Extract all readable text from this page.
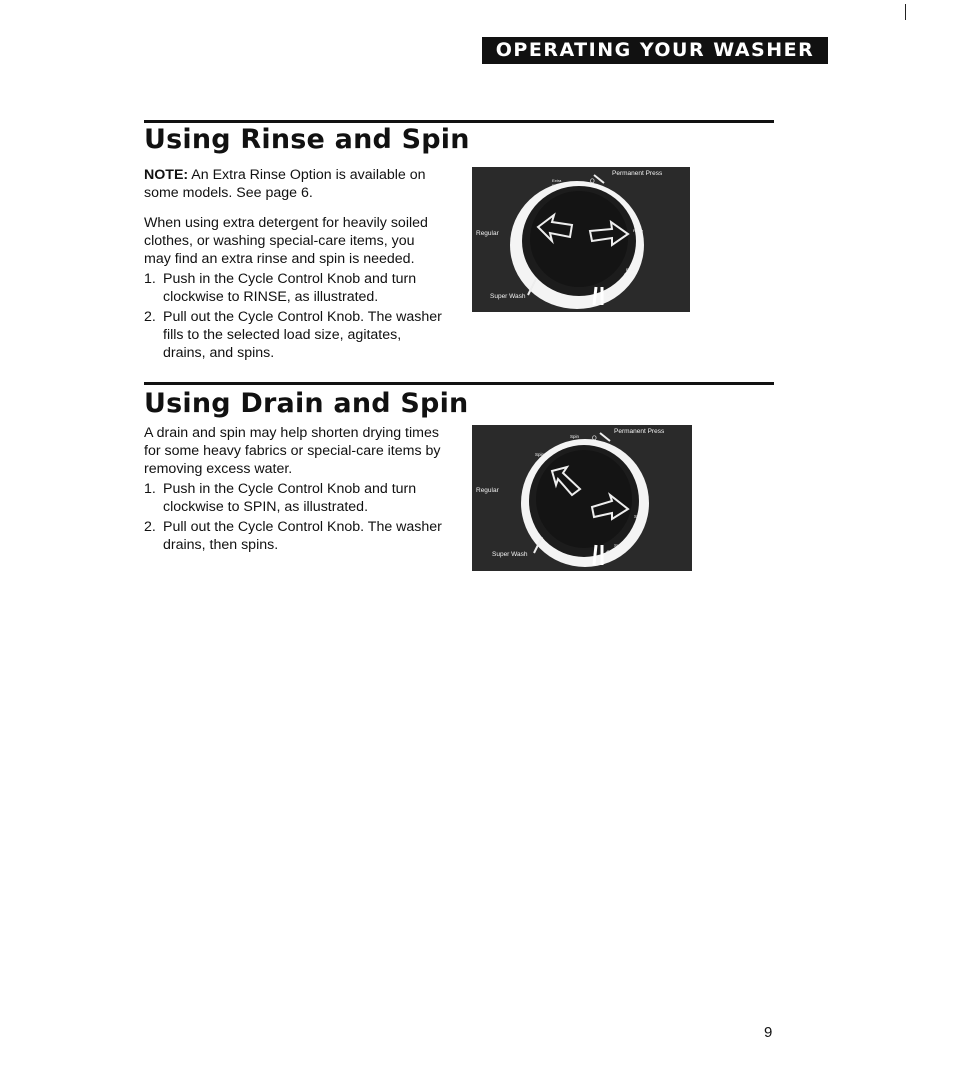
OPERATING YOUR WASHER
Using Rinse and Spin

NOTE: An Extra Rinse Option is available on some models. See page 6.

When using extra detergent for heavily soiled clothes, or washing special-care items, you may find an extra rinse and spin is needed.

1. Push in the Cycle Control Knob and turn clockwise to RINSE, as illustrated.
2. Pull out the Cycle Control Knob. The washer fills to the selected load size, agitates, drains, and spins.
Permanent Press
Regular
Super Wash
Extra
Rinse
O
Rinse
Extra
Rinse
O
Using Drain and Spin

A drain and spin may help shorten drying times for some heavy fabrics or special-care items by removing excess water.

1. Push in the Cycle Control Knob and turn clockwise to SPIN, as illustrated.
2. Pull out the Cycle Control Knob. The washer drains, then spins.
Permanent Press
Regular
Super Wash
Spin O
Spin
Spin
Spin
O
9
